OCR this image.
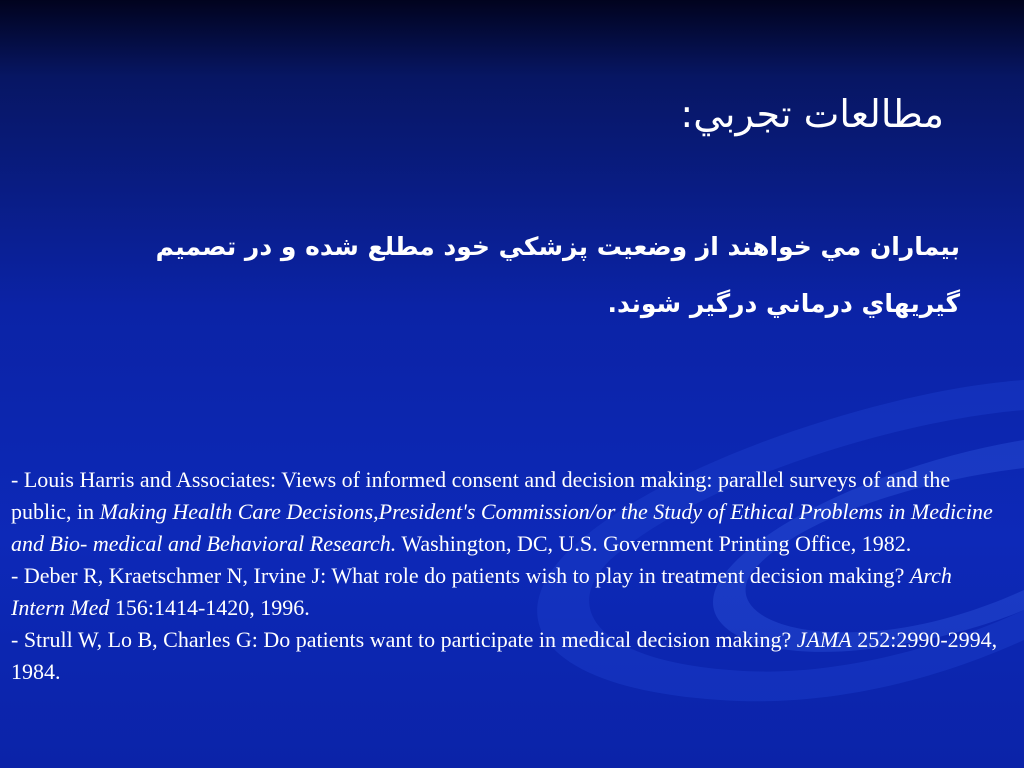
مطالعات تجربي:
بيماران مي خواهند از وضعيت پزشكي خود مطلع شده و در تصميم گيريهاي درماني درگير شوند.

- Louis Harris and Associates: Views of informed consent and decision making: parallel surveys of and the public, in Making Health Care Decisions,President's Commission/or the Study of Ethical Problems in Medicine and Bio- medical and Behavioral Research. Washington, DC, U.S. Government Printing Office, 1982.

- Deber R, Kraetschmer N, Irvine J: What role do patients wish to play in treatment decision making? Arch Intern Med 156:1414-1420, 1996.

- Strull W, Lo B, Charles G: Do patients want to participate in medical decision making? JAMA 252:2990-2994, 1984.
